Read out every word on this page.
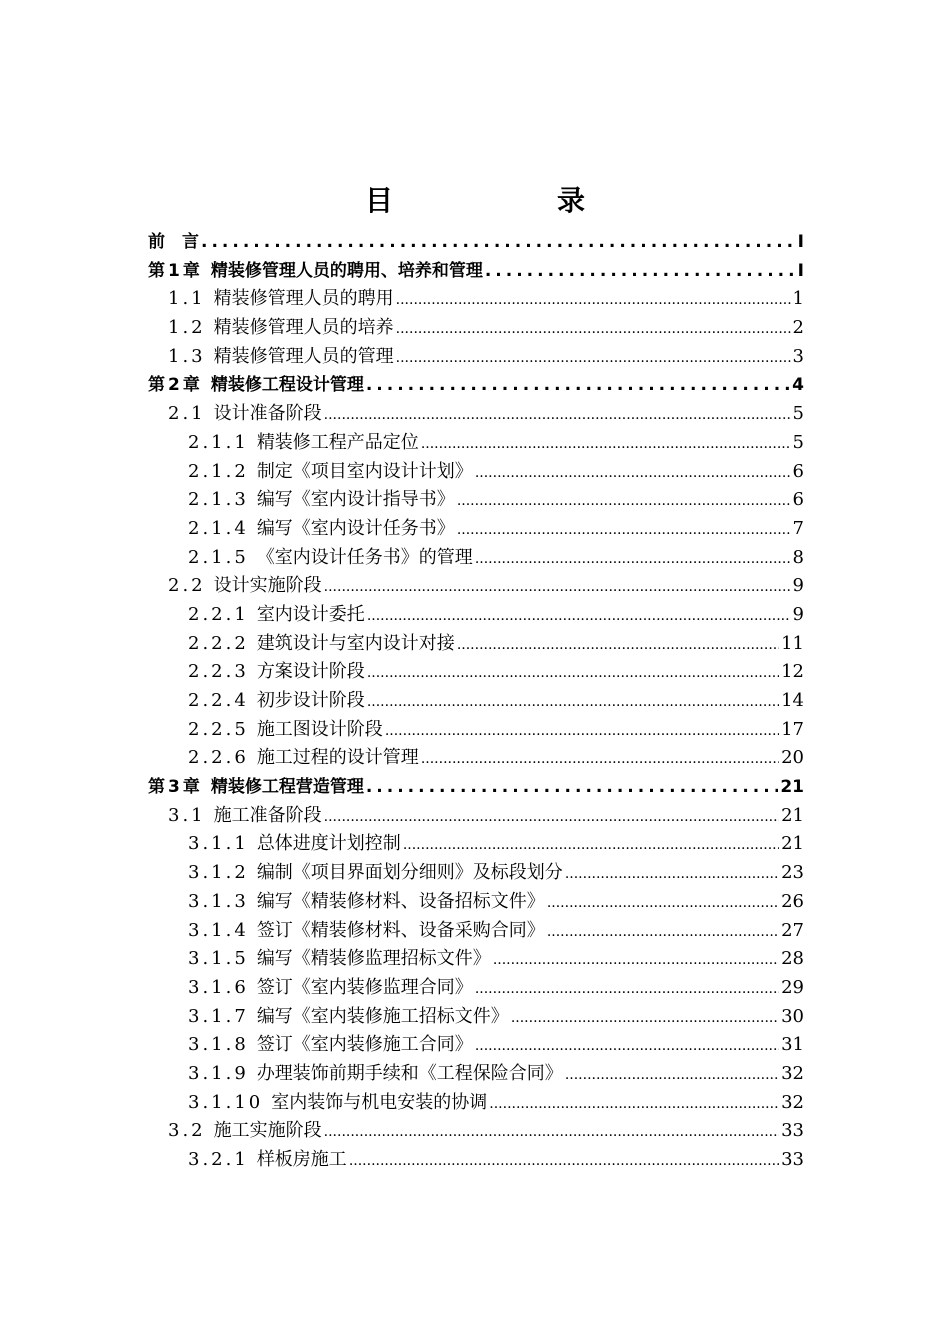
目　　录
前　言 .....	I
第1章 精装修管理人员的聘用、培养和管理 .....	I
1.1 精装修管理人员的聘用 .....	1
1.2 精装修管理人员的培养 .....	2
1.3 精装修管理人员的管理 .....	3
第2章 精装修工程设计管理 .....	4
2.1 设计准备阶段 .....	5
2.1.1 精装修工程产品定位 .....	5
2.1.2 制定《项目室内设计计划》 .....	6
2.1.3 编写《室内设计指导书》 .....	6
2.1.4 编写《室内设计任务书》 .....	7
2.1.5 《室内设计任务书》的管理 .....	8
2.2 设计实施阶段 .....	9
2.2.1 室内设计委托 .....	9
2.2.2 建筑设计与室内设计对接 .....	11
2.2.3 方案设计阶段 .....	12
2.2.4 初步设计阶段 .....	14
2.2.5 施工图设计阶段 .....	17
2.2.6 施工过程的设计管理 .....	20
第3章 精装修工程营造管理 .....	21
3.1 施工准备阶段 .....	21
3.1.1 总体进度计划控制 .....	21
3.1.2 编制《项目界面划分细则》及标段划分 .....	23
3.1.3 编写《精装修材料、设备招标文件》 .....	26
3.1.4 签订《精装修材料、设备采购合同》 .....	27
3.1.5 编写《精装修监理招标文件》 .....	28
3.1.6 签订《室内装修监理合同》 .....	29
3.1.7 编写《室内装修施工招标文件》 .....	30
3.1.8 签订《室内装修施工合同》 .....	31
3.1.9 办理装饰前期手续和《工程保险合同》 .....	32
3.1.10 室内装饰与机电安装的协调 .....	32
3.2 施工实施阶段 .....	33
3.2.1 样板房施工 .....	33
